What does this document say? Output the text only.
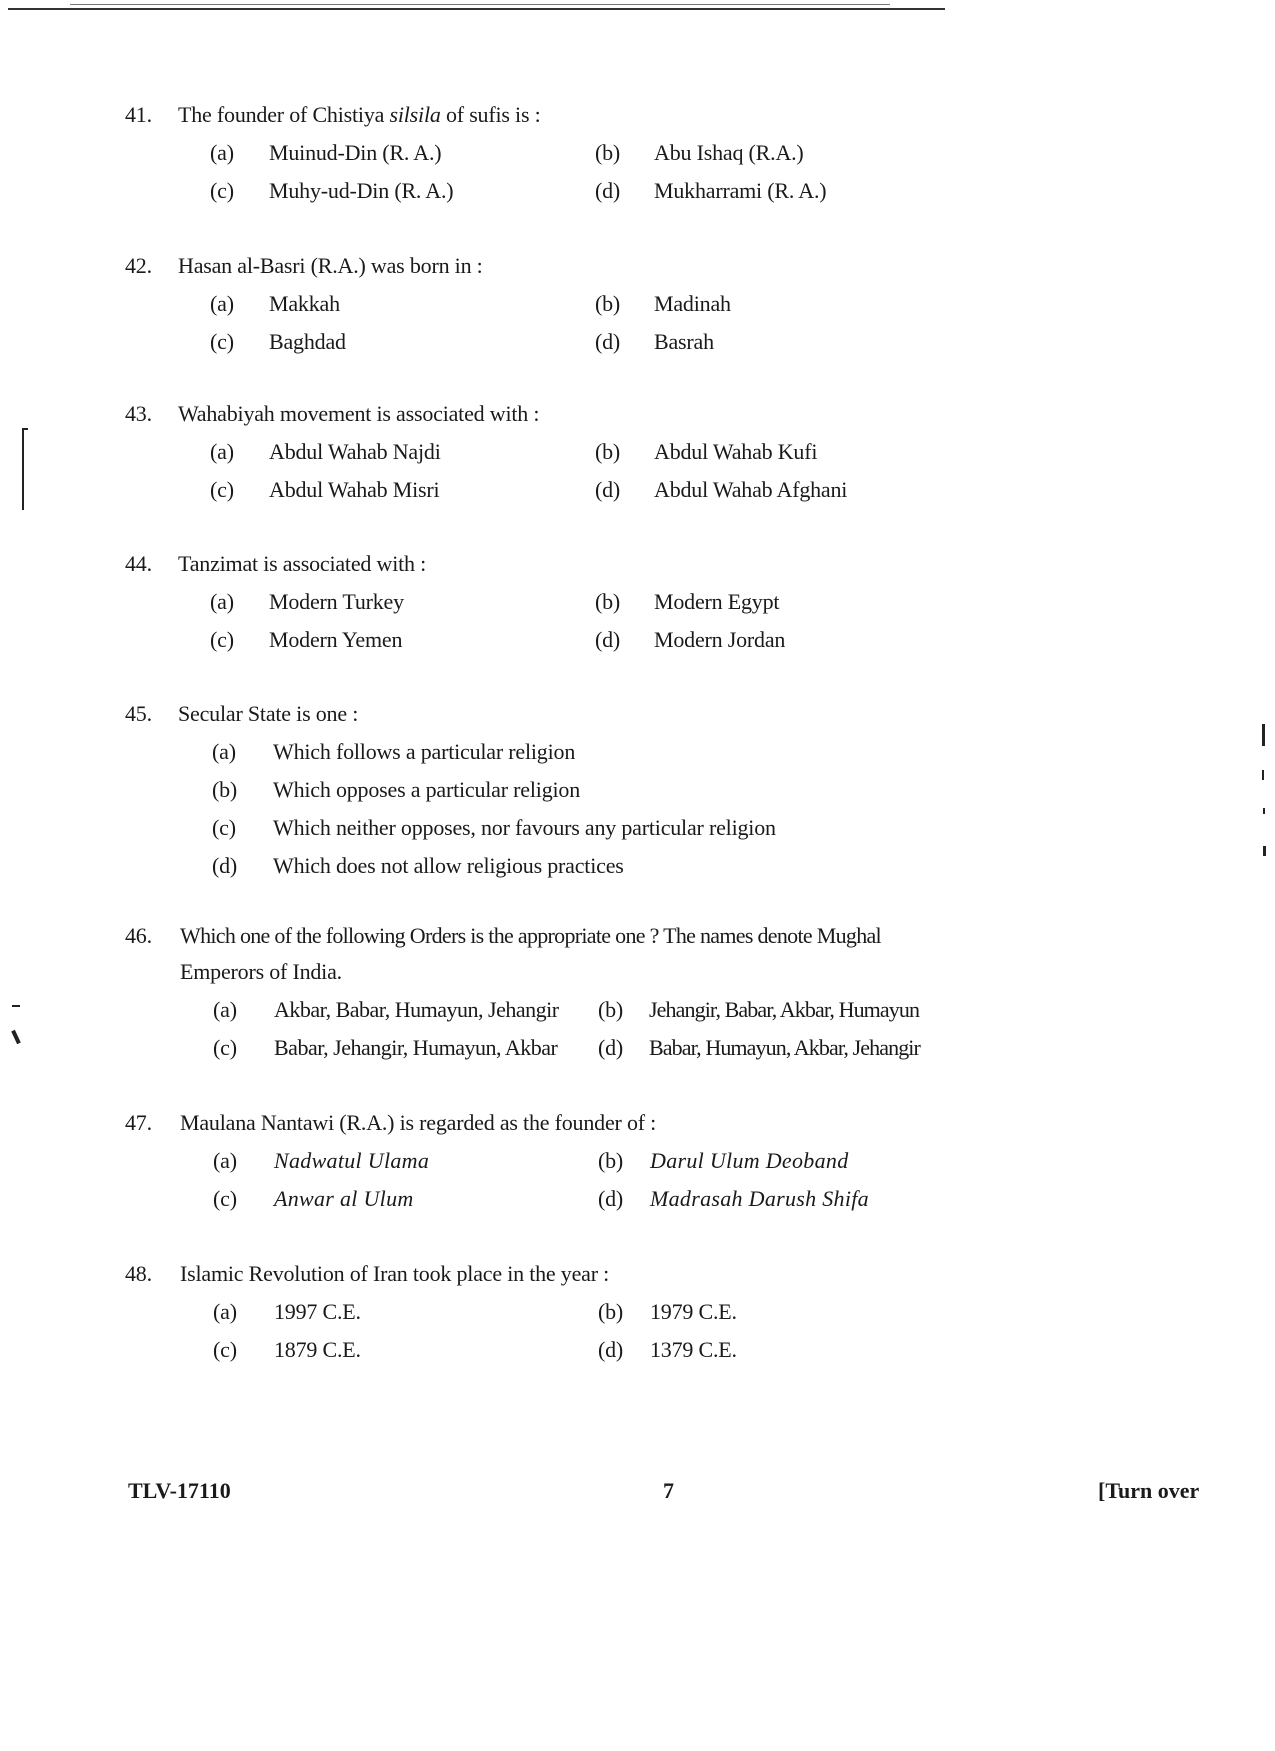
41. The founder of Chistiya silsila of sufis is :
(a) Muinud-Din (R. A.)	(b) Abu Ishaq (R.A.)
(c) Muhy-ud-Din (R. A.)	(d) Mukharrami (R. A.)
42. Hasan al-Basri (R.A.) was born in :
(a) Makkah	(b) Madinah
(c) Baghdad	(d) Basrah
43. Wahabiyah movement is associated with :
(a) Abdul Wahab Najdi	(b) Abdul Wahab Kufi
(c) Abdul Wahab Misri	(d) Abdul Wahab Afghani
44. Tanzimat is associated with :
(a) Modern Turkey	(b) Modern Egypt
(c) Modern Yemen	(d) Modern Jordan
45. Secular State is one :
(a) Which follows a particular religion
(b) Which opposes a particular religion
(c) Which neither opposes, nor favours any particular religion
(d) Which does not allow religious practices
46. Which one of the following Orders is the appropriate one ? The names denote Mughal
Emperors of India.
(a) Akbar, Babar, Humayun, Jehangir (b) Jehangir, Babar, Akbar, Humayun
(c) Babar, Jehangir, Humayun, Akbar (d) Babar, Humayun, Akbar, Jehangir
47. Maulana Nantawi (R.A.) is regarded as the founder of :
(a) Nadwatul Ulama	(b) Darul Ulum Deoband
(c) Anwar al Ulum	(d) Madrasah Darush Shifa
48. Islamic Revolution of Iran took place in the year :
(a) 1997 C.E.	(b) 1979 C.E.
(c) 1879 C.E.	(d) 1379 C.E.
TLV-17110	7	[Turn over
